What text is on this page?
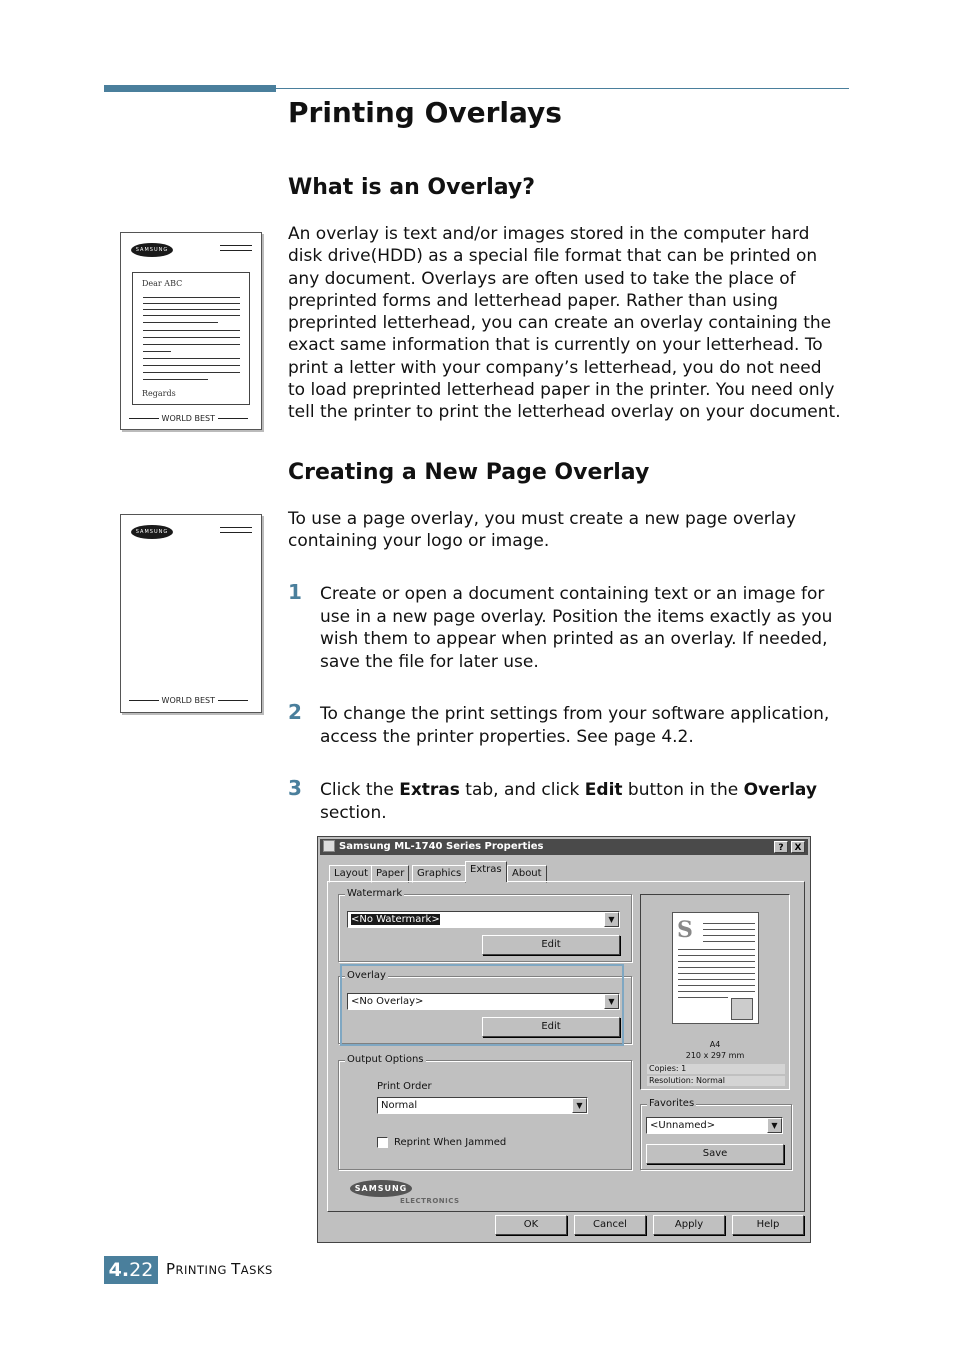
Printing Overlays
What is an Overlay?

An overlay is text and/or images stored in the computer hard

disk drive(HDD) as a special file format that can be printed on

any document. Overlays are often used to take the place of

preprinted forms and letterhead paper. Rather than using

preprinted letterhead, you can create an overlay containing the

exact same information that is currently on your letterhead. To

print a letter with your company’s letterhead, you do not need

to load preprinted letterhead paper in the printer. You need only

tell the printer to print the letterhead overlay on your document.

SAMSUNG
Dear ABC
Regards
WORLD BEST
Creating a New Page Overlay

To use a page overlay, you must create a new page overlay

containing your logo or image.

SAMSUNG
WORLD BEST
1 Create or open a document containing text or an image for

use in a new page overlay. Position the items exactly as you

wish them to appear when printed as an overlay. If needed,

save the file for later use.

2 To change the print settings from your software application,

access the printer properties. See page 4.2.

3 Click the Extras tab, and click Edit button in the Overlay

section.

Samsung ML-1740 Series Properties	?	X
Layout Paper	Graphics Extras	About
Watermark
<No Watermark>	▼
Edit
Overlay
<No Overlay>	▼
Edit
Output Options
Print Order
Normal	▼
Reprint When Jammed
S
A4
210 x 297 mm
Copies: 1
Resolution: Normal
Favorites
<Unnamed>	▼
Save
SAMSUNG
ELECTRONICS
OK	Cancel	Apply	Help
4.22 PRINTING TASKS
